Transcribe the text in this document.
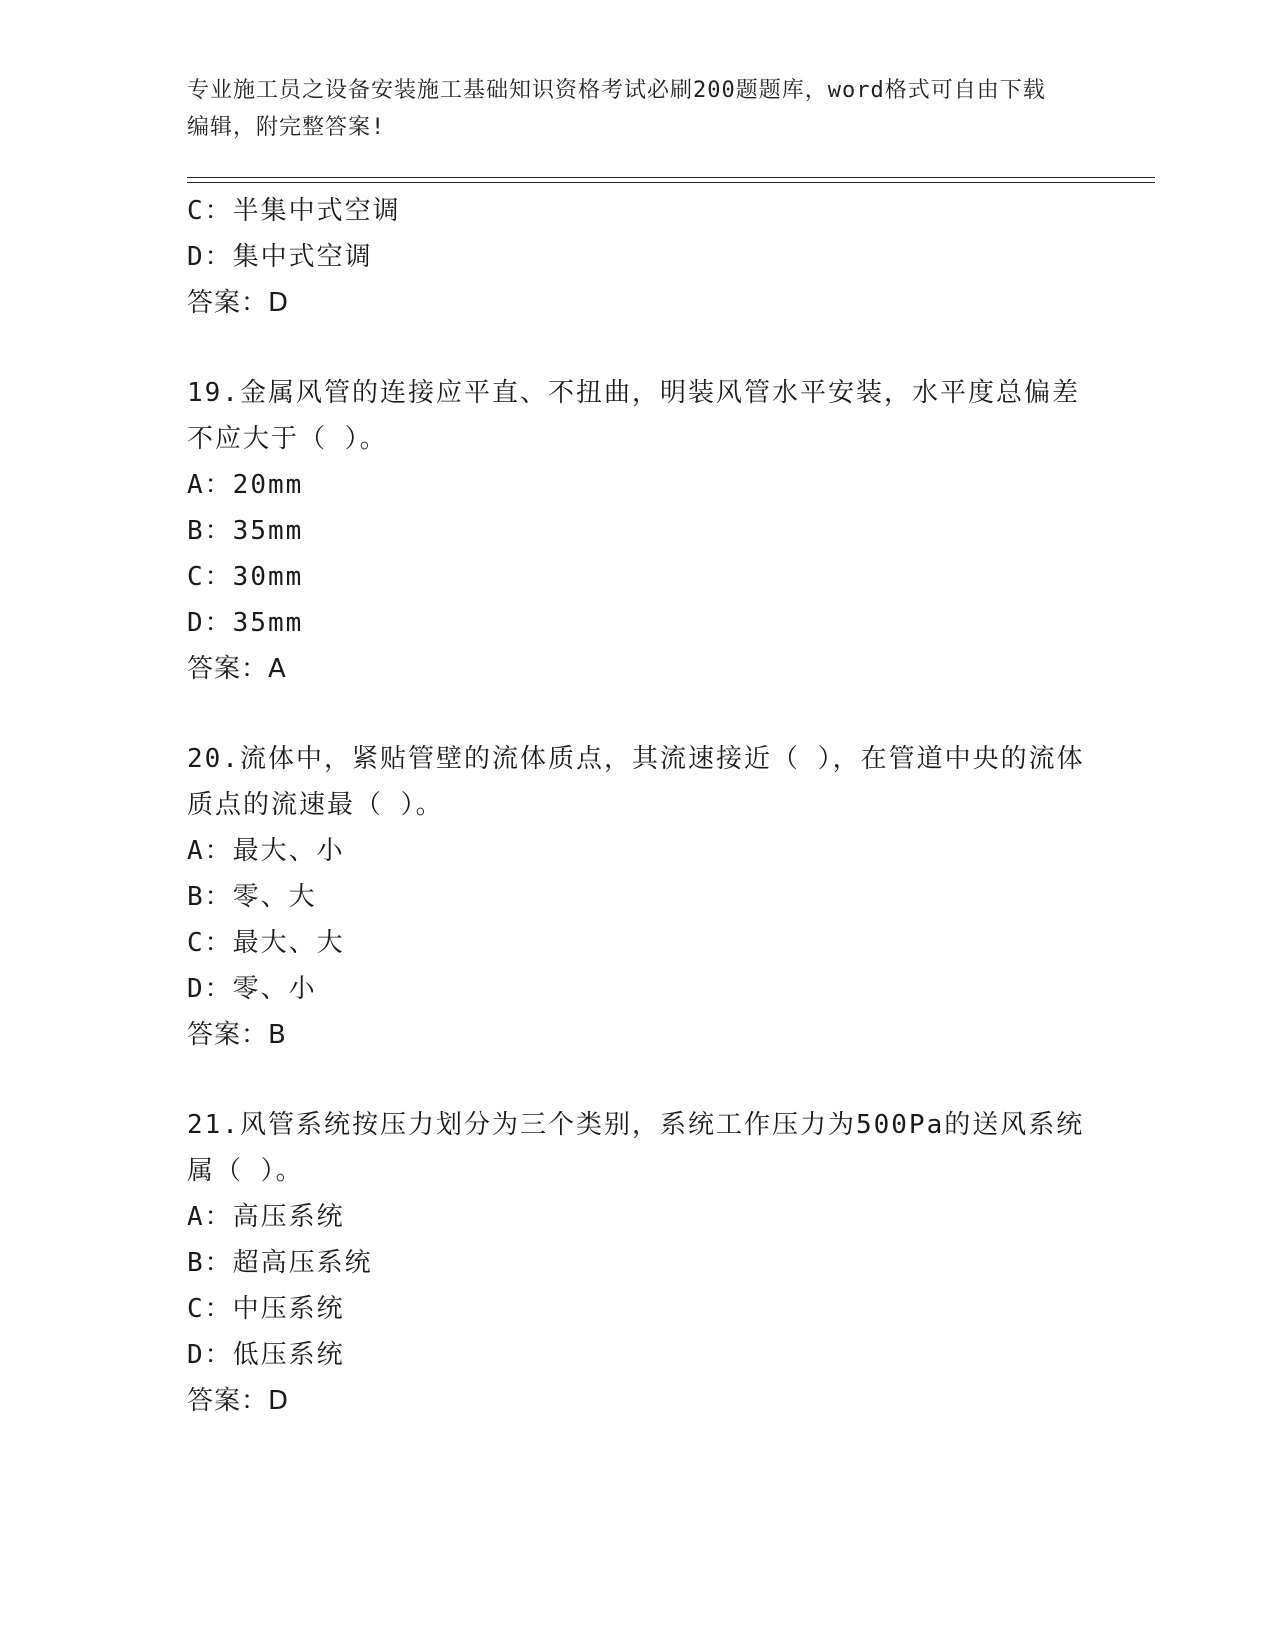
专业施工员之设备安装施工基础知识资格考试必刷200题题库，word格式可自由下载编辑，附完整答案!
C：半集中式空调
D：集中式空调
答案：D
19.金属风管的连接应平直、不扭曲，明装风管水平安装，水平度总偏差不应大于（ ）。
A：20mm
B：35mm
C：30mm
D：35mm
答案：A
20.流体中，紧贴管壁的流体质点，其流速接近（ ），在管道中央的流体质点的流速最（ ）。
A：最大、小
B：零、大
C：最大、大
D：零、小
答案：B
21.风管系统按压力划分为三个类别，系统工作压力为500Pa的送风系统属（ ）。
A：高压系统
B：超高压系统
C：中压系统
D：低压系统
答案：D
